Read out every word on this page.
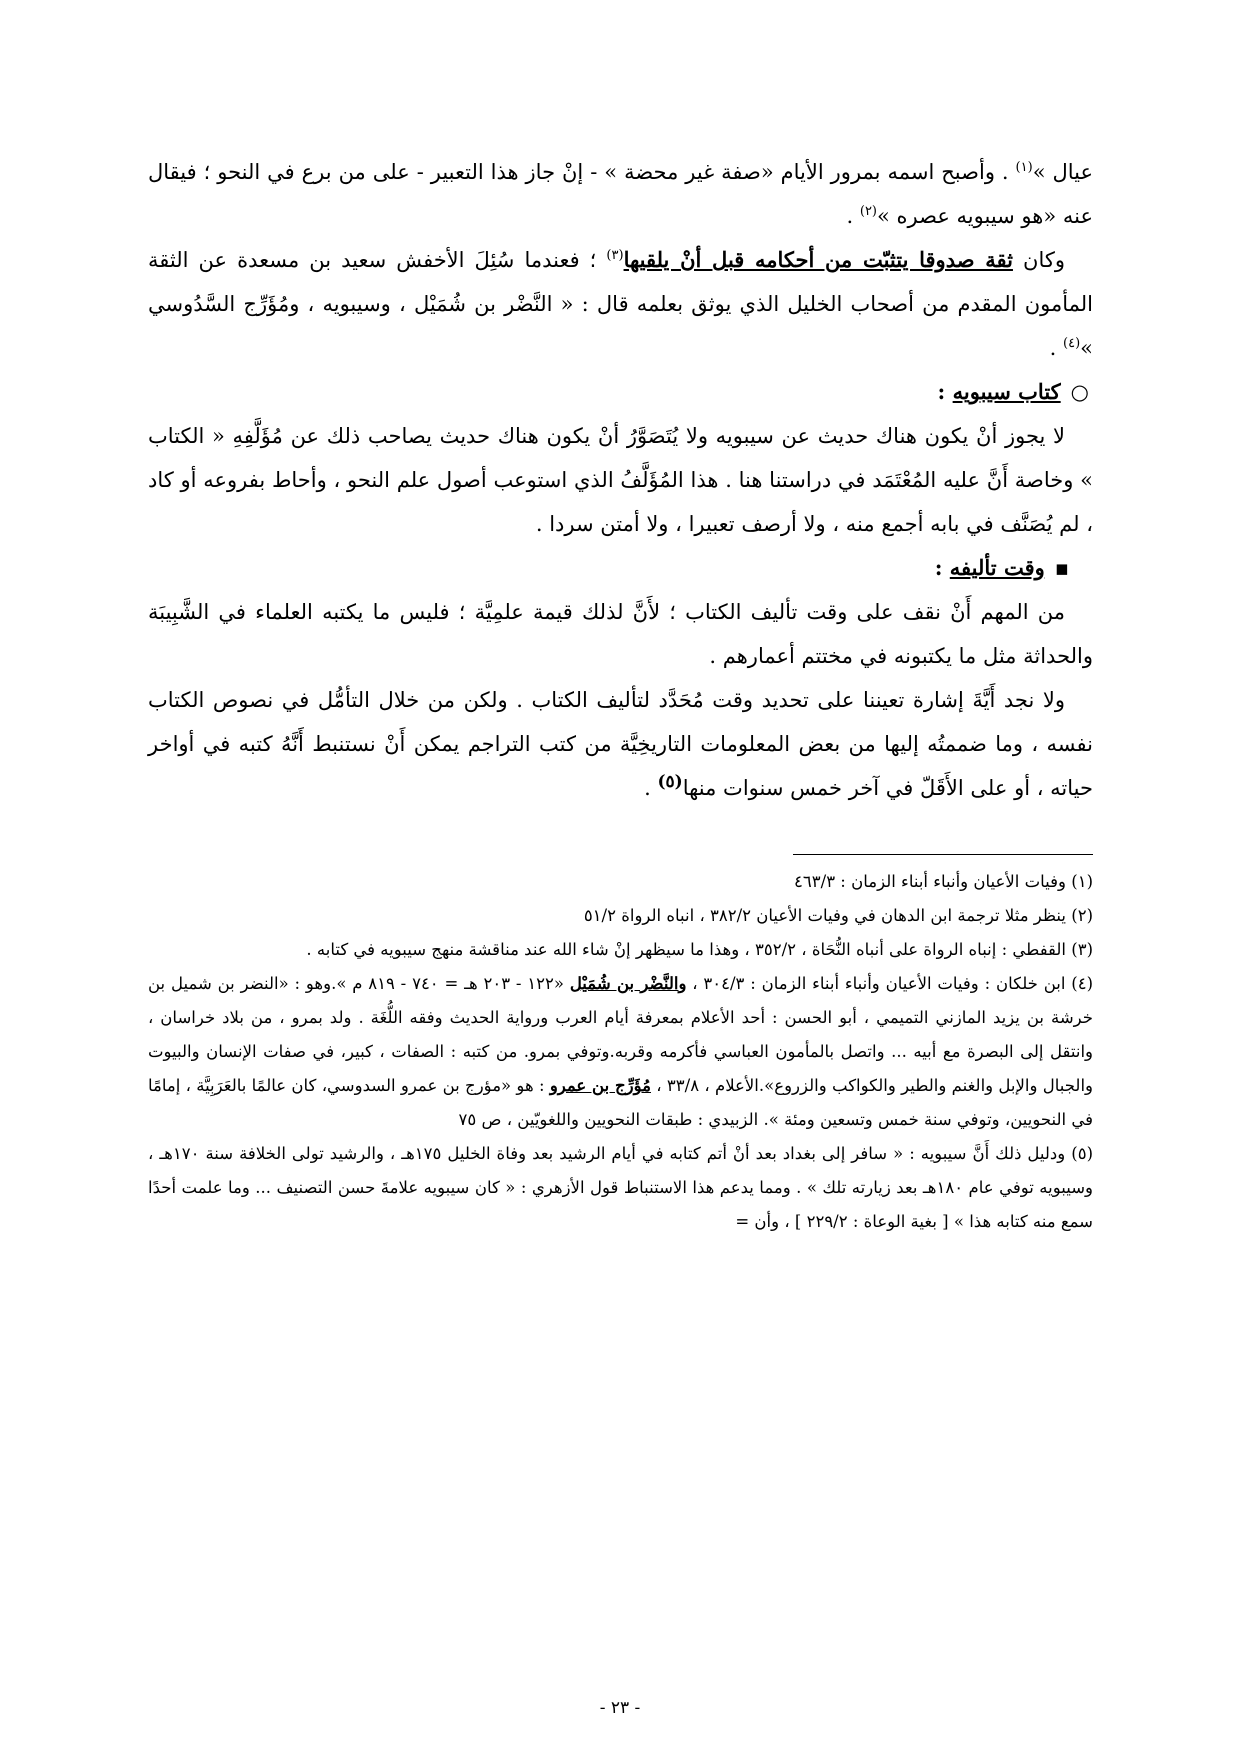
عيال »$^{(١)}$ . وأصبح اسمه بمرور الأيام «صفة غير محضة » - إنْ جاز هذا التعبير - على من برع في النحو ؛ فيقال عنه «هو سيبويه عصره »$^{(٢)}$ .

وكان ثقة صدوقا يتثبّت من أحكامه قبل أنْ يلقيها$^{(٣)}$ ؛ فعندما سُئِلَ الأخفش سعيد بن مسعدة عن الثقة المأمون المقدم من أصحاب الخليل الذي يوثق بعلمه قال : « النَّضْر بن شُمَيْل ، وسيبويه ، ومُؤَرِّج السَّدُوسي »$^{(٤)}$ .

○كتاب سيبويه :

لا يجوز أنْ يكون هناك حديث عن سيبويه ولا يُتَصَوَّرُ أنْ يكون هناك حديث يصاحب ذلك عن مُؤَلَّفِهِ « الكتاب » وخاصة أَنَّ عليه المُعْتَمَد في دراستنا هنا . هذا المُؤَلَّفُ الذي استوعب أصول علم النحو ، وأحاط بفروعه أو كاد ، لم يُصَنَّف في بابه أجمع منه ، ولا أرصف تعبيرا ، ولا أمتن سردا .

▪وقت تأليفه :

من المهم أَنْ نقف على وقت تأليف الكتاب ؛ لأَنَّ لذلك قيمة علمِيَّة ؛ فليس ما يكتبه العلماء في الشَّبِيبَة والحداثة مثل ما يكتبونه في مختتم أعمارهم .

ولا نجد أَيَّةَ إشارة تعيننا على تحديد وقت مُحَدَّد لتأليف الكتاب . ولكن من خلال التأمُّل في نصوص الكتاب نفسه ، وما ضممتُه إليها من بعض المعلومات التاريخِيَّة من كتب التراجم يمكن أَنْ نستنبط أَنَّهُ كتبه في أواخر حياته ، أو على الأَقَلّ في آخر خمس سنوات منها$^{(٥)}$ .

(١) وفيات الأعيان وأنباء أبناء الزمان : ٤٦٣/٣

(٢) ينظر مثلا ترجمة ابن الدهان في وفيات الأعيان ٣٨٢/٢ ، انباه الرواة ٥١/٢

(٣) القفطي : إنباه الرواة على أنباه النُّحَاة ، ٣٥٢/٢ ، وهذا ما سيظهر إنْ شاء الله عند مناقشة منهج سيبويه في كتابه .

(٤) ابن خلكان : وفيات الأعيان وأنباء أبناء الزمان : ٣٠٤/٣ ، والنَّضْر بن شُمَيْل «١٢٢ - ٢٠٣ هـ = ٧٤٠ - ٨١٩ م ».وهو : «النضر بن شميل بن خرشة بن يزيد المازني التميمي ، أبو الحسن : أحد الأعلام بمعرفة أيام العرب ورواية الحديث وفقه اللُّغَة . ولد بمرو ، من بلاد خراسان ، وانتقل إلى البصرة مع أبيه ... واتصل بالمأمون العباسي فأكرمه وقربه.وتوفي بمرو. من كتبه : الصفات ، كبير، في صفات الإنسان والبيوت والجبال والإبل والغنم والطير والكواكب والزروع».الأعلام ، ٣٣/٨ ، مُؤَرِّج بن عمرو : هو «مؤرج بن عمرو السدوسي، كان عالمًا بالعَرَبِيَّة ، إمامًا في النحويين، وتوفي سنة خمس وتسعين ومئة ». الزبيدي : طبقات النحويين واللغويّين ، ص ٧٥

(٥) ودليل ذلك أَنَّ سيبويه : « سافر إلى بغداد بعد أنْ أتم كتابه في أيام الرشيد بعد وفاة الخليل ١٧٥هـ ، والرشيد تولى الخلافة سنة ١٧٠هـ ، وسيبويه توفي عام ١٨٠هـ بعد زيارته تلك » . ومما يدعم هذا الاستنباط قول الأزهري : « كان سيبويه علامةَ حسن التصنيف ... وما علمت أحدًا سمع منه كتابه هذا » [ بغية الوعاة : ٢٢٩/٢ ] ، وأن =

- ٢٣ -
